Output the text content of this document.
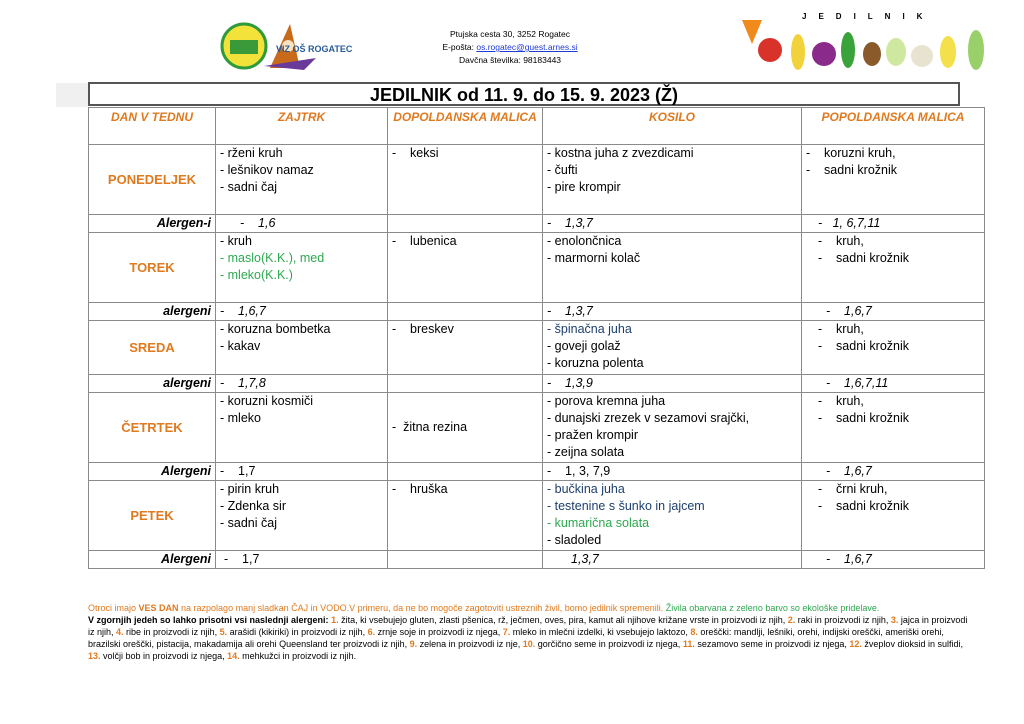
VIZ OŠ ROGATEC
Ptujska cesta 30, 3252 Rogatec
E-pošta: os.rogatec@guest.arnes.si
Davčna številka: 98183443
JEDILNIK
JEDILNIK od 11. 9. do 15. 9. 2023 (Ž)
DAN V TEDNU	ZAJTRK	DOPOLDANSKA MALICA	KOSILO	POPOLDANSKA MALICA
PONEDELJEK	- rženi kruh
- lešnikov namaz
- sadni čaj	-    keksi	- kostna juha z zvezdicami
- čufti
- pire krompir	-    koruzni kruh,
-    sadni krožnik

Alergen-i	-    1,6		-    1,3,7	-   1, 6,7,11
TOREK	- kruh
- maslo(K.K.), med
- mleko(K.K.)	-    lubenica	- enolončnica
- marmorni kolač	-    kruh,
-    sadni krožnik

alergeni	-    1,6,7		-    1,3,7	-    1,6,7
SREDA	- koruzna bombetka
- kakav	-    breskev	- špinačna juha
- goveji golaž
- koruzna polenta	-    kruh,
-    sadni krožnik

alergeni	-    1,7,8		-    1,3,9	-    1,6,7,11
ČETRTEK	- koruzni kosmiči
- mleko	-  žitna rezina	- porova kremna juha
- dunajski zrezek v sezamovi srajčki,
- pražen krompir
- zeijna solata	-    kruh,
-    sadni krožnik

Alergeni	-    1,7		-    1, 3, 7,9	-    1,6,7
PETEK	- pirin kruh
- Zdenka sir
- sadni čaj	-    hruška	- bučkina juha
- testenine s šunko in jajcem
- kumarična solata
- sladoled	-    črni kruh,
-    sadni krožnik

Alergeni	-    1,7		1,3,7	-    1,6,7
Otroci imajo VES DAN na razpolago manj sladkan ČAJ in VODO.V primeru, da ne bo mogoče zagotoviti ustreznih živil, bomo jedilnik spremenili. Živila obarvana z zeleno barvo so ekološke pridelave.
V zgornjih jedeh so lahko prisotni vsi naslednji alergeni: 1. žita, ki vsebujejo gluten, zlasti pšenica, rž, ječmen, oves, pira, kamut ali njihove križane vrste in proizvodi iz njih, 2. raki in proizvodi iz njih, 3. jajca in proizvodi iz njih, 4. ribe in proizvodi iz njih, 5. arašidi (kikiriki) in proizvodi iz njih, 6. zrnje soje in proizvodi iz njega, 7. mleko in mlečni izdelki, ki vsebujejo laktozo, 8. oreščki: mandlji, lešniki, orehi, indijski oreščki, ameriški orehi, brazilski oreščki, pistacija, makadamija ali orehi Queensland ter proizvodi iz njih, 9. zelena in proizvodi iz nje, 10. gorčično seme in proizvodi iz njega, 11. sezamovo seme in proizvodi iz njega, 12. žveplov dioksid in sulfidi, 13. volčji bob in proizvodi iz njega, 14. mehkužci in proizvodi iz njih.
